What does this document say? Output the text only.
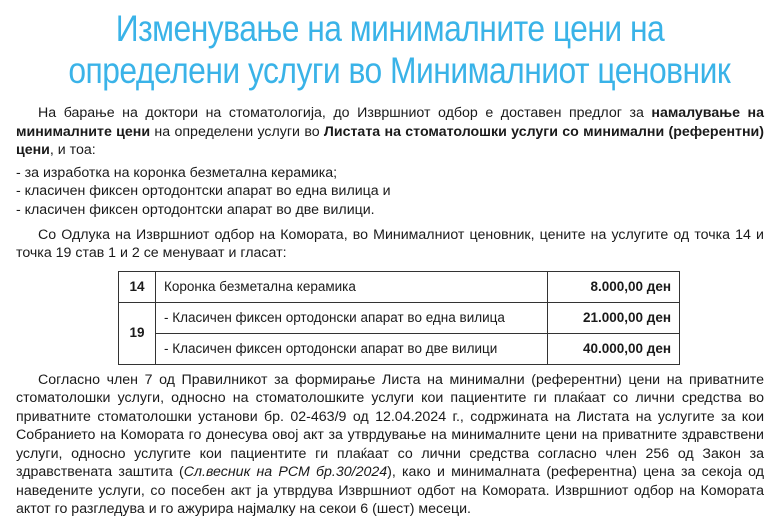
Изменување на минималните цени на
определени услуги во Минималниот ценовник

На барање на доктори на стоматологија, до Извршниот одбор е доставен предлог за намалување на минималните цени на определени услуги во Листата на стоматолошки услуги со минимални (референтни) цени, и тоа:

- за изработка на коронка безметална керамика;
- класичен фиксен ортодонтски апарат во една вилица и
- класичен фиксен ортодонтски апарат во две вилици.

Со Одлука на Извршниот одбор на Комората, во Минималниот ценовник, цените на услугите од точка 14 и точка 19 став 1 и 2 се менуваат и гласат:

14	Коронка безметална керамика	8.000,00 ден
19	- Класичен фиксен ортодонски апарат во една вилица	21.000,00 ден
	- Класичен фиксен ортодонски апарат во две вилици	40.000,00 ден

Согласно член 7 од Правилникот за формирање Листа на минимални (референтни) цени на приватните стоматолошки услуги, односно на стоматолошките услуги кои пациентите ги плаќаат со лични средства во приватните стоматолошки установи бр. 02-463/9 од 12.04.2024 г., содржината на Листата на услугите за кои Собранието на Комората го донесува овој акт за утврдување на минималните цени на приватните здравствени услуги, односно услугите кои пациентите ги плаќаат со лични средства согласно член 256 од Закон за здравствената заштита (Сл.весник на РСМ бр.30/2024), како и минималната (референтна) цена за секоја од наведените услуги, со посебен акт ја утврдува Извршниот одбот на Комората. Извршниот одбор на Комората актот го разгледува и го ажурира најмалку на секои 6 (шест) месеци.
